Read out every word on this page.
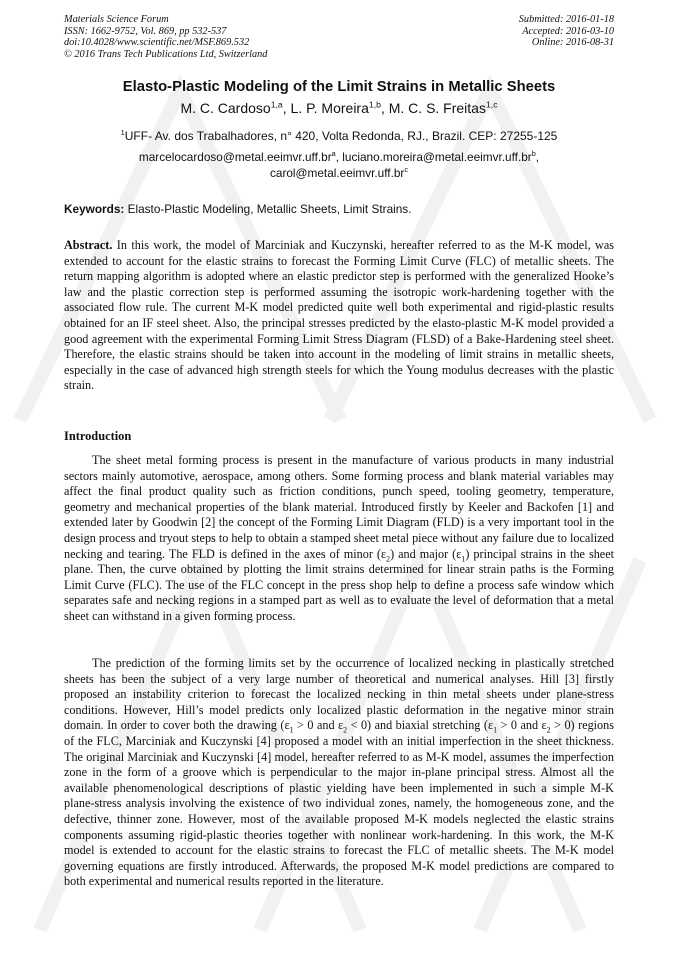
Materials Science Forum
ISSN: 1662-9752, Vol. 869, pp 532-537
doi:10.4028/www.scientific.net/MSF.869.532
© 2016 Trans Tech Publications Ltd, Switzerland
Submitted: 2016-01-18
Accepted: 2016-03-10
Online: 2016-08-31
Elasto-Plastic Modeling of the Limit Strains in Metallic Sheets
M. C. Cardoso$^{1,a}$, L. P. Moreira$^{1,b}$, M. C. S. Freitas$^{1,c}$
$^1$UFF- Av. dos Trabalhadores, n° 420, Volta Redonda, RJ., Brazil. CEP: 27255-125
$marcelocardoso@metal.eeimvr.uff.br^a$, $luciano.moreira@metal.eeimvr.uff.br^b$,
$carol@metal.eeimvr.uff.br^c$
Keywords: Elasto-Plastic Modeling, Metallic Sheets, Limit Strains.
Abstract. In this work, the model of Marciniak and Kuczynski, hereafter referred to as the M-K model, was extended to account for the elastic strains to forecast the Forming Limit Curve (FLC) of metallic sheets. The return mapping algorithm is adopted where an elastic predictor step is performed with the generalized Hooke’s law and the plastic correction step is performed assuming the isotropic work-hardening together with the associated flow rule. The current M-K model predicted quite well both experimental and rigid-plastic results obtained for an IF steel sheet. Also, the principal stresses predicted by the elasto-plastic M-K model provided a good agreement with the experimental Forming Limit Stress Diagram (FLSD) of a Bake-Hardening steel sheet. Therefore, the elastic strains should be taken into account in the modeling of limit strains in metallic sheets, especially in the case of advanced high strength steels for which the Young modulus decreases with the plastic strain.
Introduction

The sheet metal forming process is present in the manufacture of various products in many industrial sectors mainly automotive, aerospace, among others. Some forming process and blank material variables may affect the final product quality such as friction conditions, punch speed, tooling geometry, temperature, geometry and mechanical properties of the blank material. Introduced firstly by Keeler and Backofen [1] and extended later by Goodwin [2] the concept of the Forming Limit Diagram (FLD) is a very important tool in the design process and tryout steps to help to obtain a stamped sheet metal piece without any failure due to localized necking and tearing. The FLD is defined in the axes of minor $(\varepsilon_2)$ and major $(\varepsilon_1)$ principal strains in the sheet plane. Then, the curve obtained by plotting the limit strains determined for linear strain paths is the Forming Limit Curve (FLC). The use of the FLC concept in the press shop help to define a process safe window which separates safe and necking regions in a stamped part as well as to evaluate the level of deformation that a metal sheet can withstand in a given forming process.

The prediction of the forming limits set by the occurrence of localized necking in plastically stretched sheets has been the subject of a very large number of theoretical and numerical analyses. Hill [3] firstly proposed an instability criterion to forecast the localized necking in thin metal sheets under plane-stress conditions. However, Hill’s model predicts only localized plastic deformation in the negative minor strain domain. In order to cover both the drawing ($\varepsilon_1 > 0$ and $\varepsilon_2 < 0$) and biaxial stretching ($\varepsilon_1 > 0$ and $\varepsilon_2 > 0$) regions of the FLC, Marciniak and Kuczynski [4] proposed a model with an initial imperfection in the sheet thickness. The original Marciniak and Kuczynski [4] model, hereafter referred to as M-K model, assumes the imperfection zone in the form of a groove which is perpendicular to the major in-plane principal stress. Almost all the available phenomenological descriptions of plastic yielding have been implemented in such a simple M-K plane-stress analysis involving the existence of two individual zones, namely, the homogeneous zone, and the defective, thinner zone. However, most of the available proposed M-K models neglected the elastic strains components assuming rigid-plastic theories together with nonlinear work-hardening. In this work, the M-K model is extended to account for the elastic strains to forecast the FLC of metallic sheets. The M-K model governing equations are firstly introduced. Afterwards, the proposed M-K model predictions are compared to both experimental and numerical results reported in the literature.
